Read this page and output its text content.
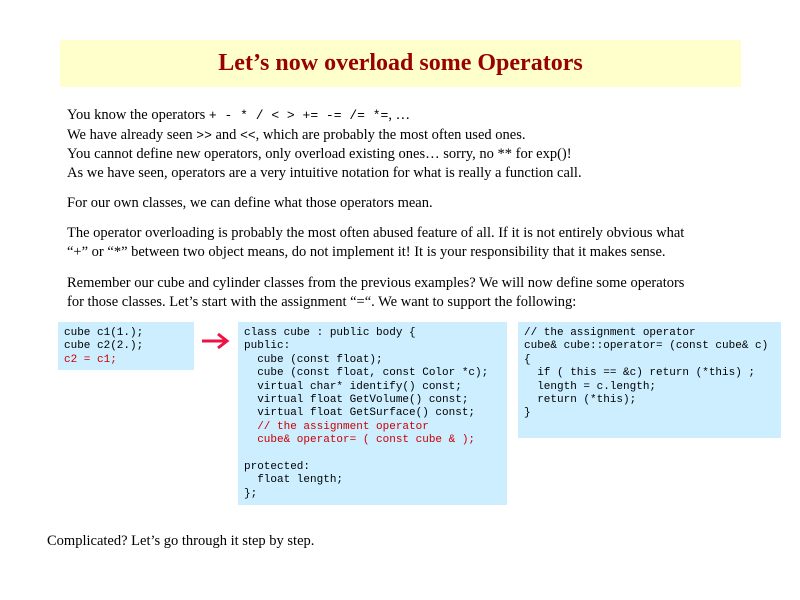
Let’s now overload some Operators
You know the operators + - * / < > += -= /= *=, …
We have already seen >> and <<, which are probably the most often used ones.
You cannot define new operators, only overload existing ones… sorry, no ** for exp()!
As we have seen, operators are a very intuitive notation for what is really a function call.
For our own classes, we can define what those operators mean.
The operator overloading is probably the most often abused feature of all. If it is not entirely obvious what
“+” or “*” between two object means, do not implement it! It is your responsibility that it makes sense.
Remember our cube and cylinder classes from the previous examples? We will now define some operators
for those classes. Let’s start with the assignment “=“. We want to support the following:
cube c1(1.);
cube c2(2.);
c2 = c1;
class cube : public body {
public:
cube (const float);
cube (const float, const Color *c);
virtual char* identify() const;
virtual float GetVolume() const;
virtual float GetSurface() const;
// the assignment operator
cube& operator= ( const cube & );

protected:
float length;
};
// the assignment operator
cube& cube::operator= (const cube& c)
{
if ( this == &c) return (*this) ;
length = c.length;
return (*this);
}

Complicated? Let’s go through it step by step.
